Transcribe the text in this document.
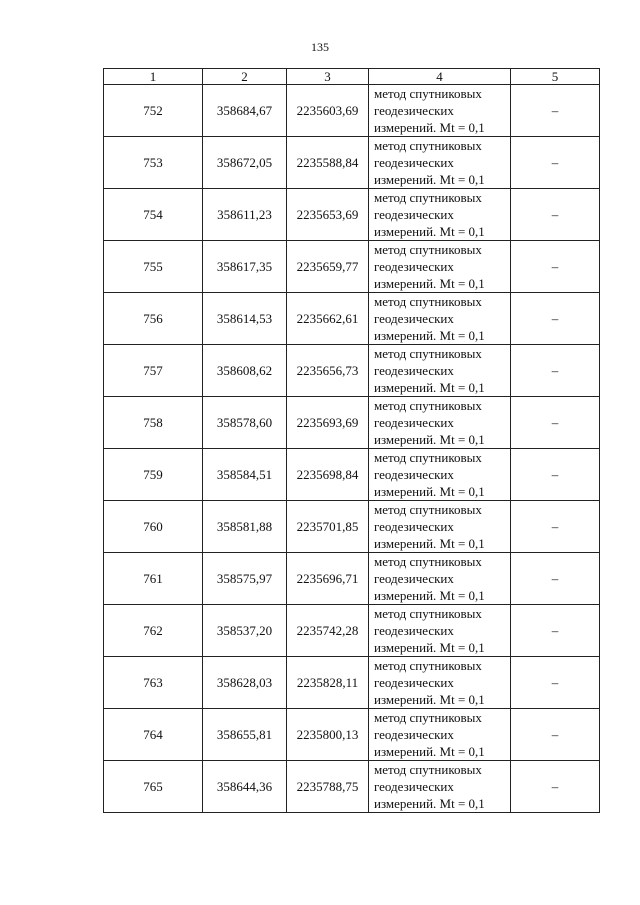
135
1	2	3	4	5
752	358684,67	2235603,69	метод спутниковых
геодезических
измерений. Mt = 0,1	–
753	358672,05	2235588,84	метод спутниковых
геодезических
измерений. Mt = 0,1	–
754	358611,23	2235653,69	метод спутниковых
геодезических
измерений. Mt = 0,1	–
755	358617,35	2235659,77	метод спутниковых
геодезических
измерений. Mt = 0,1	–
756	358614,53	2235662,61	метод спутниковых
геодезических
измерений. Mt = 0,1	–
757	358608,62	2235656,73	метод спутниковых
геодезических
измерений. Mt = 0,1	–
758	358578,60	2235693,69	метод спутниковых
геодезических
измерений. Mt = 0,1	–
759	358584,51	2235698,84	метод спутниковых
геодезических
измерений. Mt = 0,1	–
760	358581,88	2235701,85	метод спутниковых
геодезических
измерений. Mt = 0,1	–
761	358575,97	2235696,71	метод спутниковых
геодезических
измерений. Mt = 0,1	–
762	358537,20	2235742,28	метод спутниковых
геодезических
измерений. Mt = 0,1	–
763	358628,03	2235828,11	метод спутниковых
геодезических
измерений. Mt = 0,1	–
764	358655,81	2235800,13	метод спутниковых
геодезических
измерений. Mt = 0,1	–
765	358644,36	2235788,75	метод спутниковых
геодезических
измерений. Mt = 0,1	–
